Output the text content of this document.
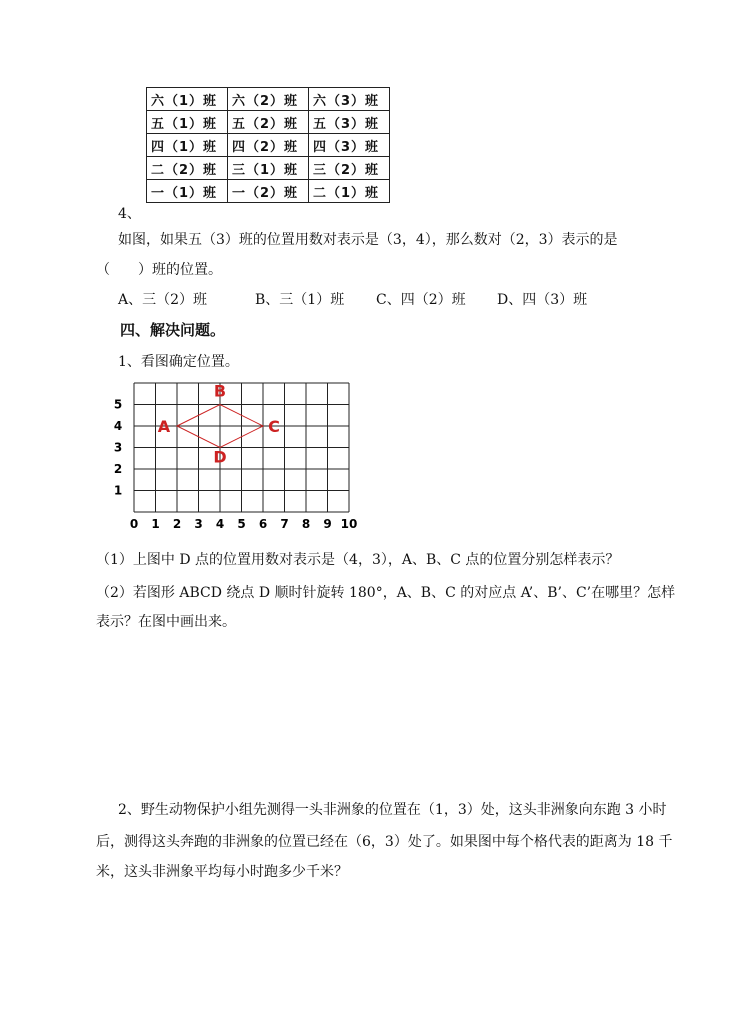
六（1）班	六（2）班	六（3）班
五（1）班	五（2）班	五（3）班
四（1）班	四（2）班	四（3）班
二（2）班	三（1）班	三（2）班
一（1）班	一（2）班	二（1）班
4、
如图，如果五（3）班的位置用数对表示是（3，4），那么数对（2，3）表示的是
（　　）班的位置。
A、三（2）班	B、三（1）班 C、四（2）班 D、四（3）班
四、解决问题。
1、看图确定位置。
0 1 2 3 4 5 6 7 8 9 10
1
2
3
4
5
A
B
C
D
（1）上图中 D 点的位置用数对表示是（4，3），A、B、C 点的位置分别怎样表示？
（2）若图形 ABCD 绕点 D 顺时针旋转 180°，A、B、C 的对应点 A’、B’、C’在哪里？怎样
表示？在图中画出来。
2、野生动物保护小组先测得一头非洲象的位置在（1，3）处，这头非洲象向东跑 3 小时
后，测得这头奔跑的非洲象的位置已经在（6，3）处了。如果图中每个格代表的距离为 18 千
米，这头非洲象平均每小时跑多少千米？
